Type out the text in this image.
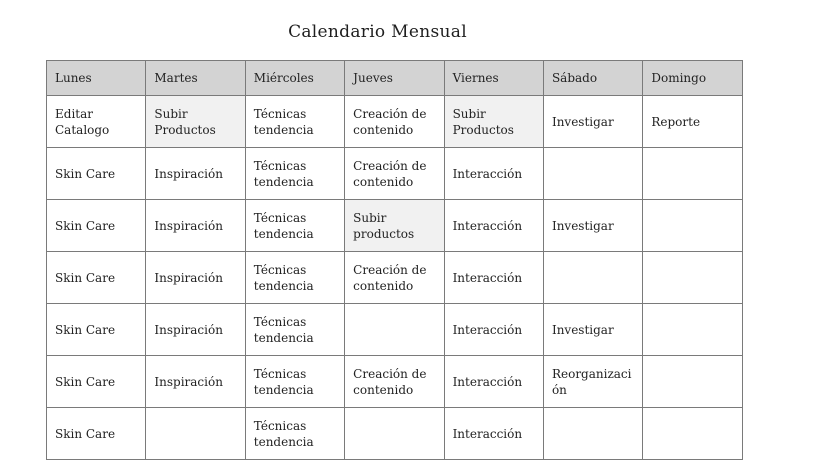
Calendario Mensual
Lunes	Martes	Miércoles	Jueves	Viernes	Sábado	Domingo
Editar Catalogo	Subir Productos	Técnicas tendencia	Creación de contenido	Subir Productos	Investigar	Reporte
Skin Care	Inspiración	Técnicas tendencia	Creación de contenido	Interacción		
Skin Care	Inspiración	Técnicas tendencia	Subir productos	Interacción	Investigar	
Skin Care	Inspiración	Técnicas tendencia	Creación de contenido	Interacción		
Skin Care	Inspiración	Técnicas tendencia		Interacción	Investigar	
Skin Care	Inspiración	Técnicas tendencia	Creación de contenido	Interacción	Reorganización	
Skin Care		Técnicas tendencia		Interacción		
